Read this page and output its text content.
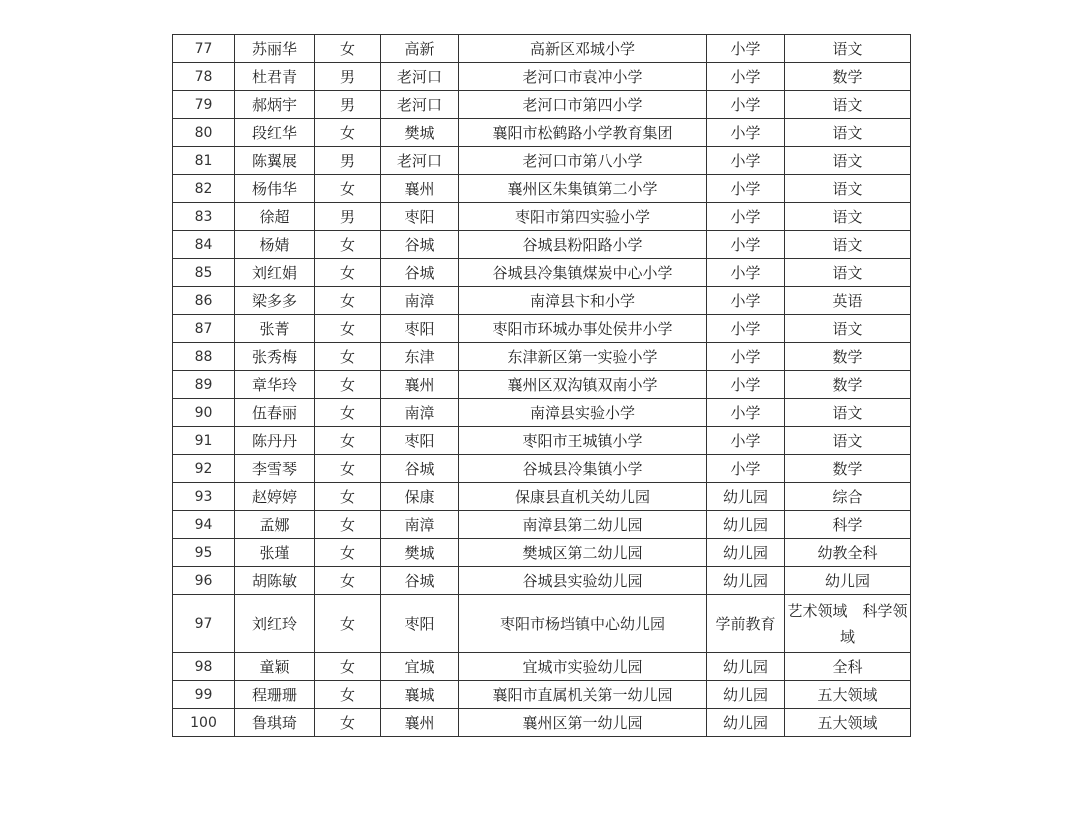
77	苏丽华	女	高新	高新区邓城小学	小学	语文
78	杜君青	男	老河口	老河口市袁冲小学	小学	数学
79	郝炳宇	男	老河口	老河口市第四小学	小学	语文
80	段红华	女	樊城	襄阳市松鹤路小学教育集团	小学	语文
81	陈翼展	男	老河口	老河口市第八小学	小学	语文
82	杨伟华	女	襄州	襄州区朱集镇第二小学	小学	语文
83	徐超	男	枣阳	枣阳市第四实验小学	小学	语文
84	杨婧	女	谷城	谷城县粉阳路小学	小学	语文
85	刘红娟	女	谷城	谷城县冷集镇煤炭中心小学	小学	语文
86	梁多多	女	南漳	南漳县卞和小学	小学	英语
87	张菁	女	枣阳	枣阳市环城办事处侯井小学	小学	语文
88	张秀梅	女	东津	东津新区第一实验小学	小学	数学
89	章华玲	女	襄州	襄州区双沟镇双南小学	小学	数学
90	伍春丽	女	南漳	南漳县实验小学	小学	语文
91	陈丹丹	女	枣阳	枣阳市王城镇小学	小学	语文
92	李雪琴	女	谷城	谷城县冷集镇小学	小学	数学
93	赵婷婷	女	保康	保康县直机关幼儿园	幼儿园	综合
94	孟娜	女	南漳	南漳县第二幼儿园	幼儿园	科学
95	张瑾	女	樊城	樊城区第二幼儿园	幼儿园	幼教全科
96	胡陈敏	女	谷城	谷城县实验幼儿园	幼儿园	幼儿园
97	刘红玲	女	枣阳	枣阳市杨垱镇中心幼儿园	学前教育	艺术领域　科学领域
98	童颖	女	宜城	宜城市实验幼儿园	幼儿园	全科
99	程珊珊	女	襄城	襄阳市直属机关第一幼儿园	幼儿园	五大领域
100	鲁琪琦	女	襄州	襄州区第一幼儿园	幼儿园	五大领域
